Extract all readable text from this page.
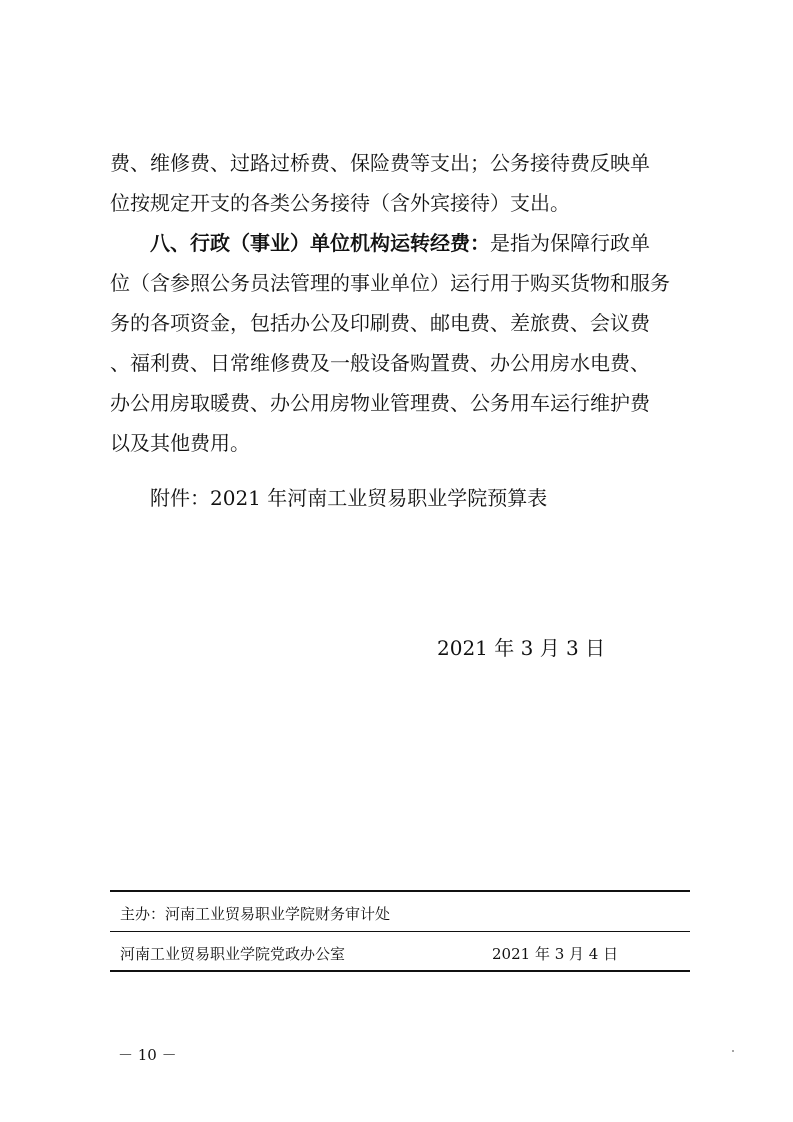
费、维修费、过路过桥费、保险费等支出；公务接待费反映单
位按规定开支的各类公务接待（含外宾接待）支出。
八、行政（事业）单位机构运转经费：是指为保障行政单
位（含参照公务员法管理的事业单位）运行用于购买货物和服务
务的各项资金，包括办公及印刷费、邮电费、差旅费、会议费
、福利费、日常维修费及一般设备购置费、办公用房水电费、
办公用房取暖费、办公用房物业管理费、公务用车运行维护费
以及其他费用。
附件：2021 年河南工业贸易职业学院预算表
2021 年 3 月 3 日
主办：河南工业贸易职业学院财务审计处
河南工业贸易职业学院党政办公室	2021 年 3 月 4 日
－ 10 －
